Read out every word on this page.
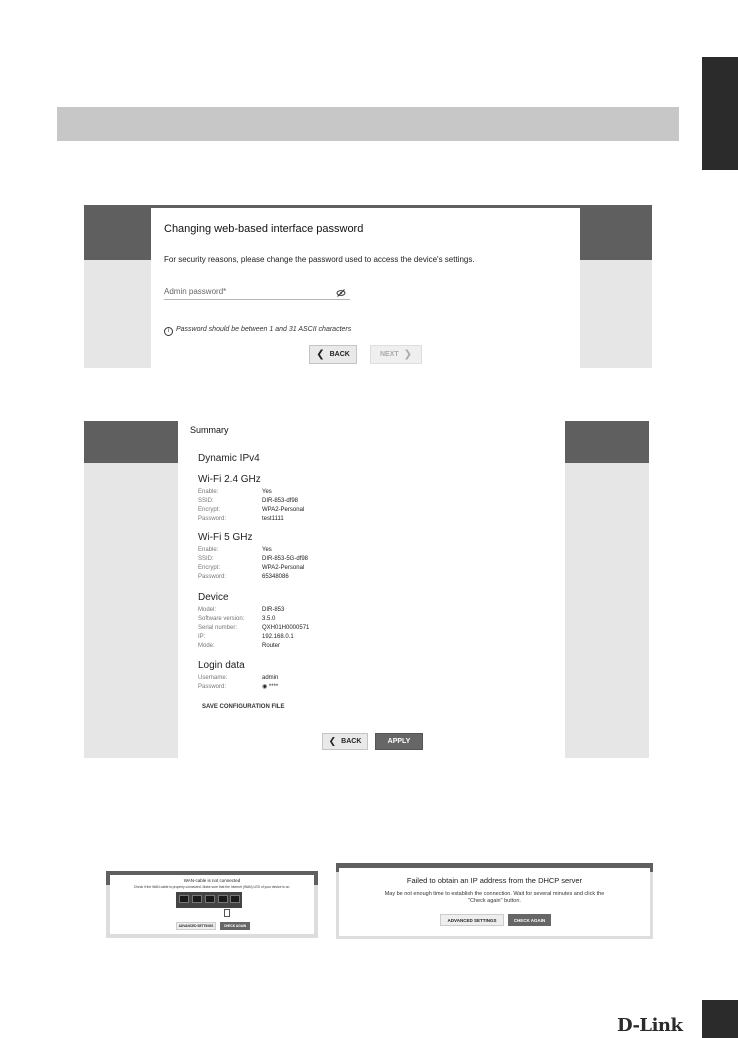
Changing web-based interface password
For security reasons, please change the password used to access the device's settings.
Admin password*
i Password should be between 1 and 31 ASCII characters
❮ BACK	NEXT ❯
Summary
Dynamic IPv4
Wi-Fi 2.4 GHz
Enable:	Yes
SSID:	DIR-853-df98
Encrypt:	WPA2-Personal
Password:	test1111
Wi-Fi 5 GHz
Enable:	Yes
SSID:	DIR-853-5G-df98
Encrypt:	WPA2-Personal
Password:	65348086
Device
Model:	DIR-853
Software version:	3.5.0
Serial number:	QXH01H0000571
IP:	192.168.0.1
Mode:	Router
Login data
Username:	admin
Password:	◉ ****
SAVE CONFIGURATION FILE
❮ BACK	APPLY
WAN-cable is not connected
Check if the WAN cable is properly connected. Make sure that the Internet (WAN) LED of your device is on.
ADVANCED SETTINGS	CHECK AGAIN
Failed to obtain an IP address from the DHCP server
May be not enough time to establish the connection. Wait for several minutes and click the "Check again" button.
ADVANCED SETTINGS	CHECK AGAIN
D-Link
